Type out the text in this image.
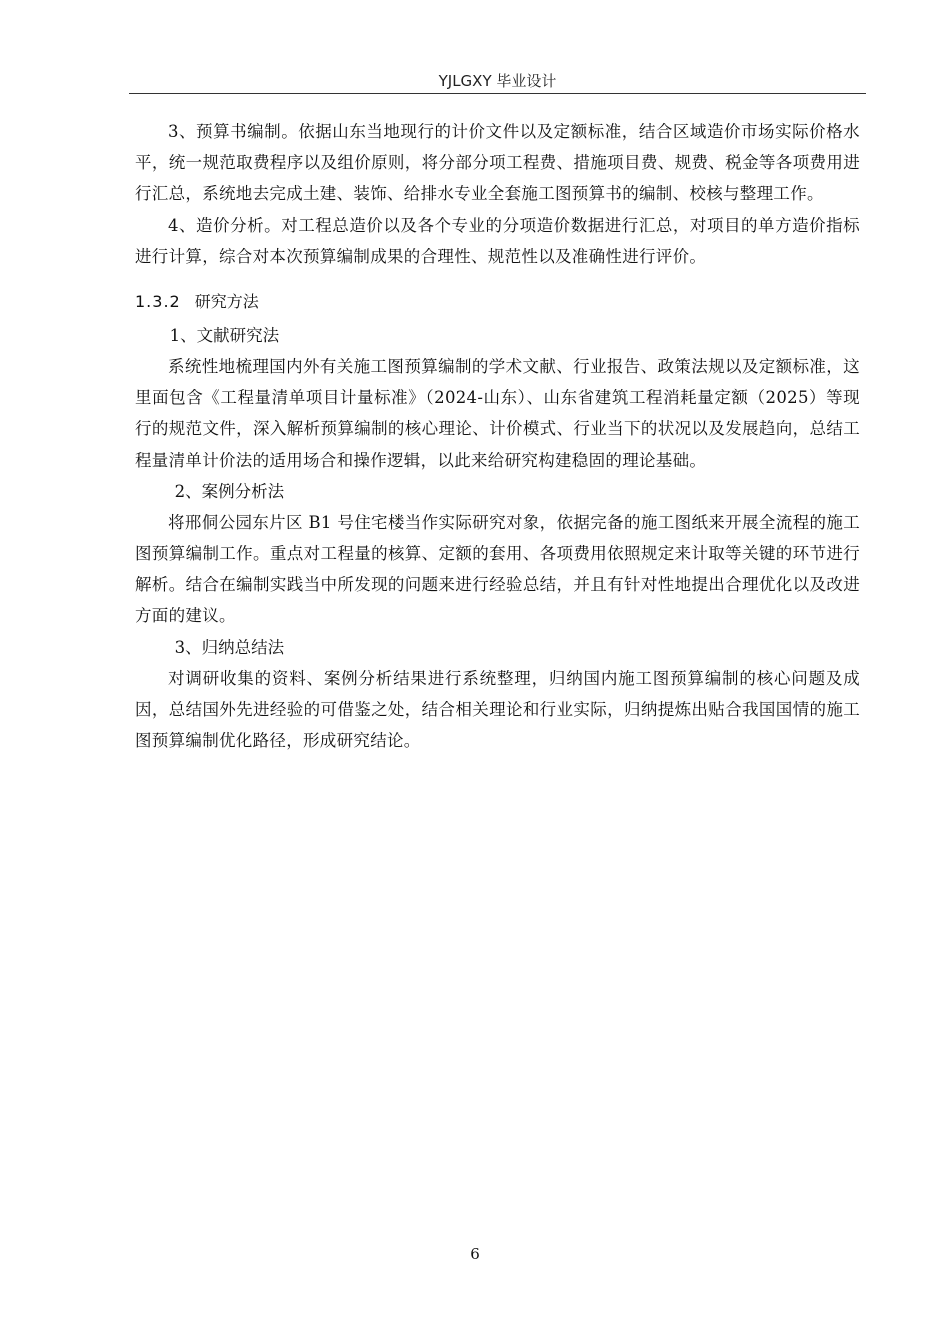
YJLGXY 毕业设计

3、预算书编制。依据山东当地现行的计价文件以及定额标准，结合区域造价市场实际价格水平，统一规范取费程序以及组价原则，将分部分项工程费、措施项目费、规费、税金等各项费用进行汇总，系统地去完成土建、装饰、给排水专业全套施工图预算书的编制、校核与整理工作。

4、造价分析。对工程总造价以及各个专业的分项造价数据进行汇总，对项目的单方造价指标进行计算，综合对本次预算编制成果的合理性、规范性以及准确性进行评价。

1.3.2 研究方法

1、文献研究法

系统性地梳理国内外有关施工图预算编制的学术文献、行业报告、政策法规以及定额标准，这里面包含《工程量清单项目计量标准》（2024-山东）、山东省建筑工程消耗量定额（2025）等现行的规范文件，深入解析预算编制的核心理论、计价模式、行业当下的状况以及发展趋向，总结工程量清单计价法的适用场合和操作逻辑，以此来给研究构建稳固的理论基础。

2、案例分析法

将邢侗公园东片区 B1 号住宅楼当作实际研究对象，依据完备的施工图纸来开展全流程的施工图预算编制工作。重点对工程量的核算、定额的套用、各项费用依照规定来计取等关键的环节进行解析。结合在编制实践当中所发现的问题来进行经验总结，并且有针对性地提出合理优化以及改进方面的建议。

3、归纳总结法

对调研收集的资料、案例分析结果进行系统整理，归纳国内施工图预算编制的核心问题及成因，总结国外先进经验的可借鉴之处，结合相关理论和行业实际，归纳提炼出贴合我国国情的施工图预算编制优化路径，形成研究结论。

6
